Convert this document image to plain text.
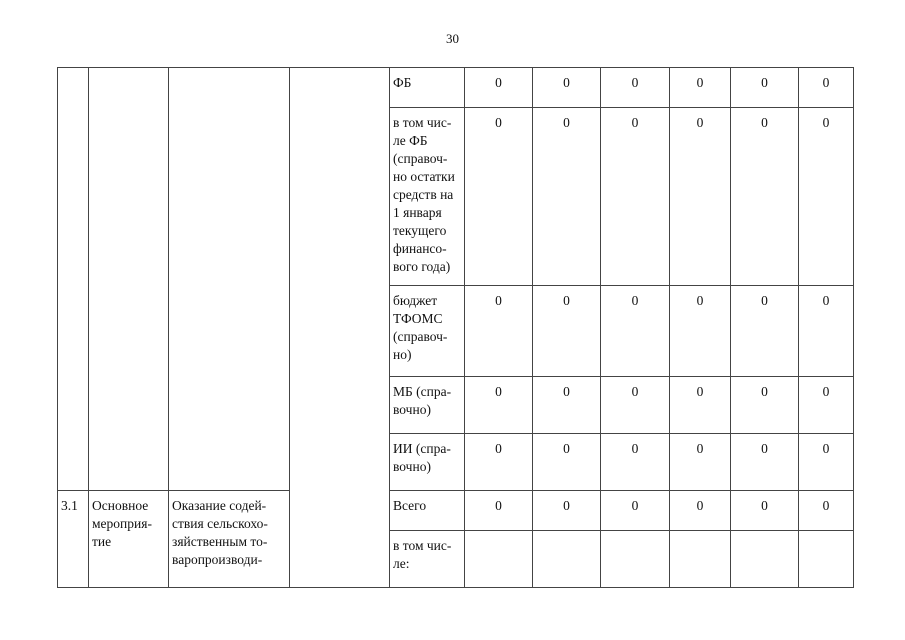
30
				ФБ	0	0	0	0	0	0
				в том чис-ле ФБ (справоч-но остатки средств на 1 января текущего финансо-вого года)	0	0	0	0	0	0
				бюджет ТФОМС (справоч-но)	0	0	0	0	0	0
				МБ (спра-вочно)	0	0	0	0	0	0
				ИИ (спра-вочно)	0	0	0	0	0	0
3.1	Основное мероприя-тие	Оказание содей-ствия сельскохо-зяйственным то-варопроизводи-		Всего	0	0	0	0	0	0
				в том чис-ле:						
